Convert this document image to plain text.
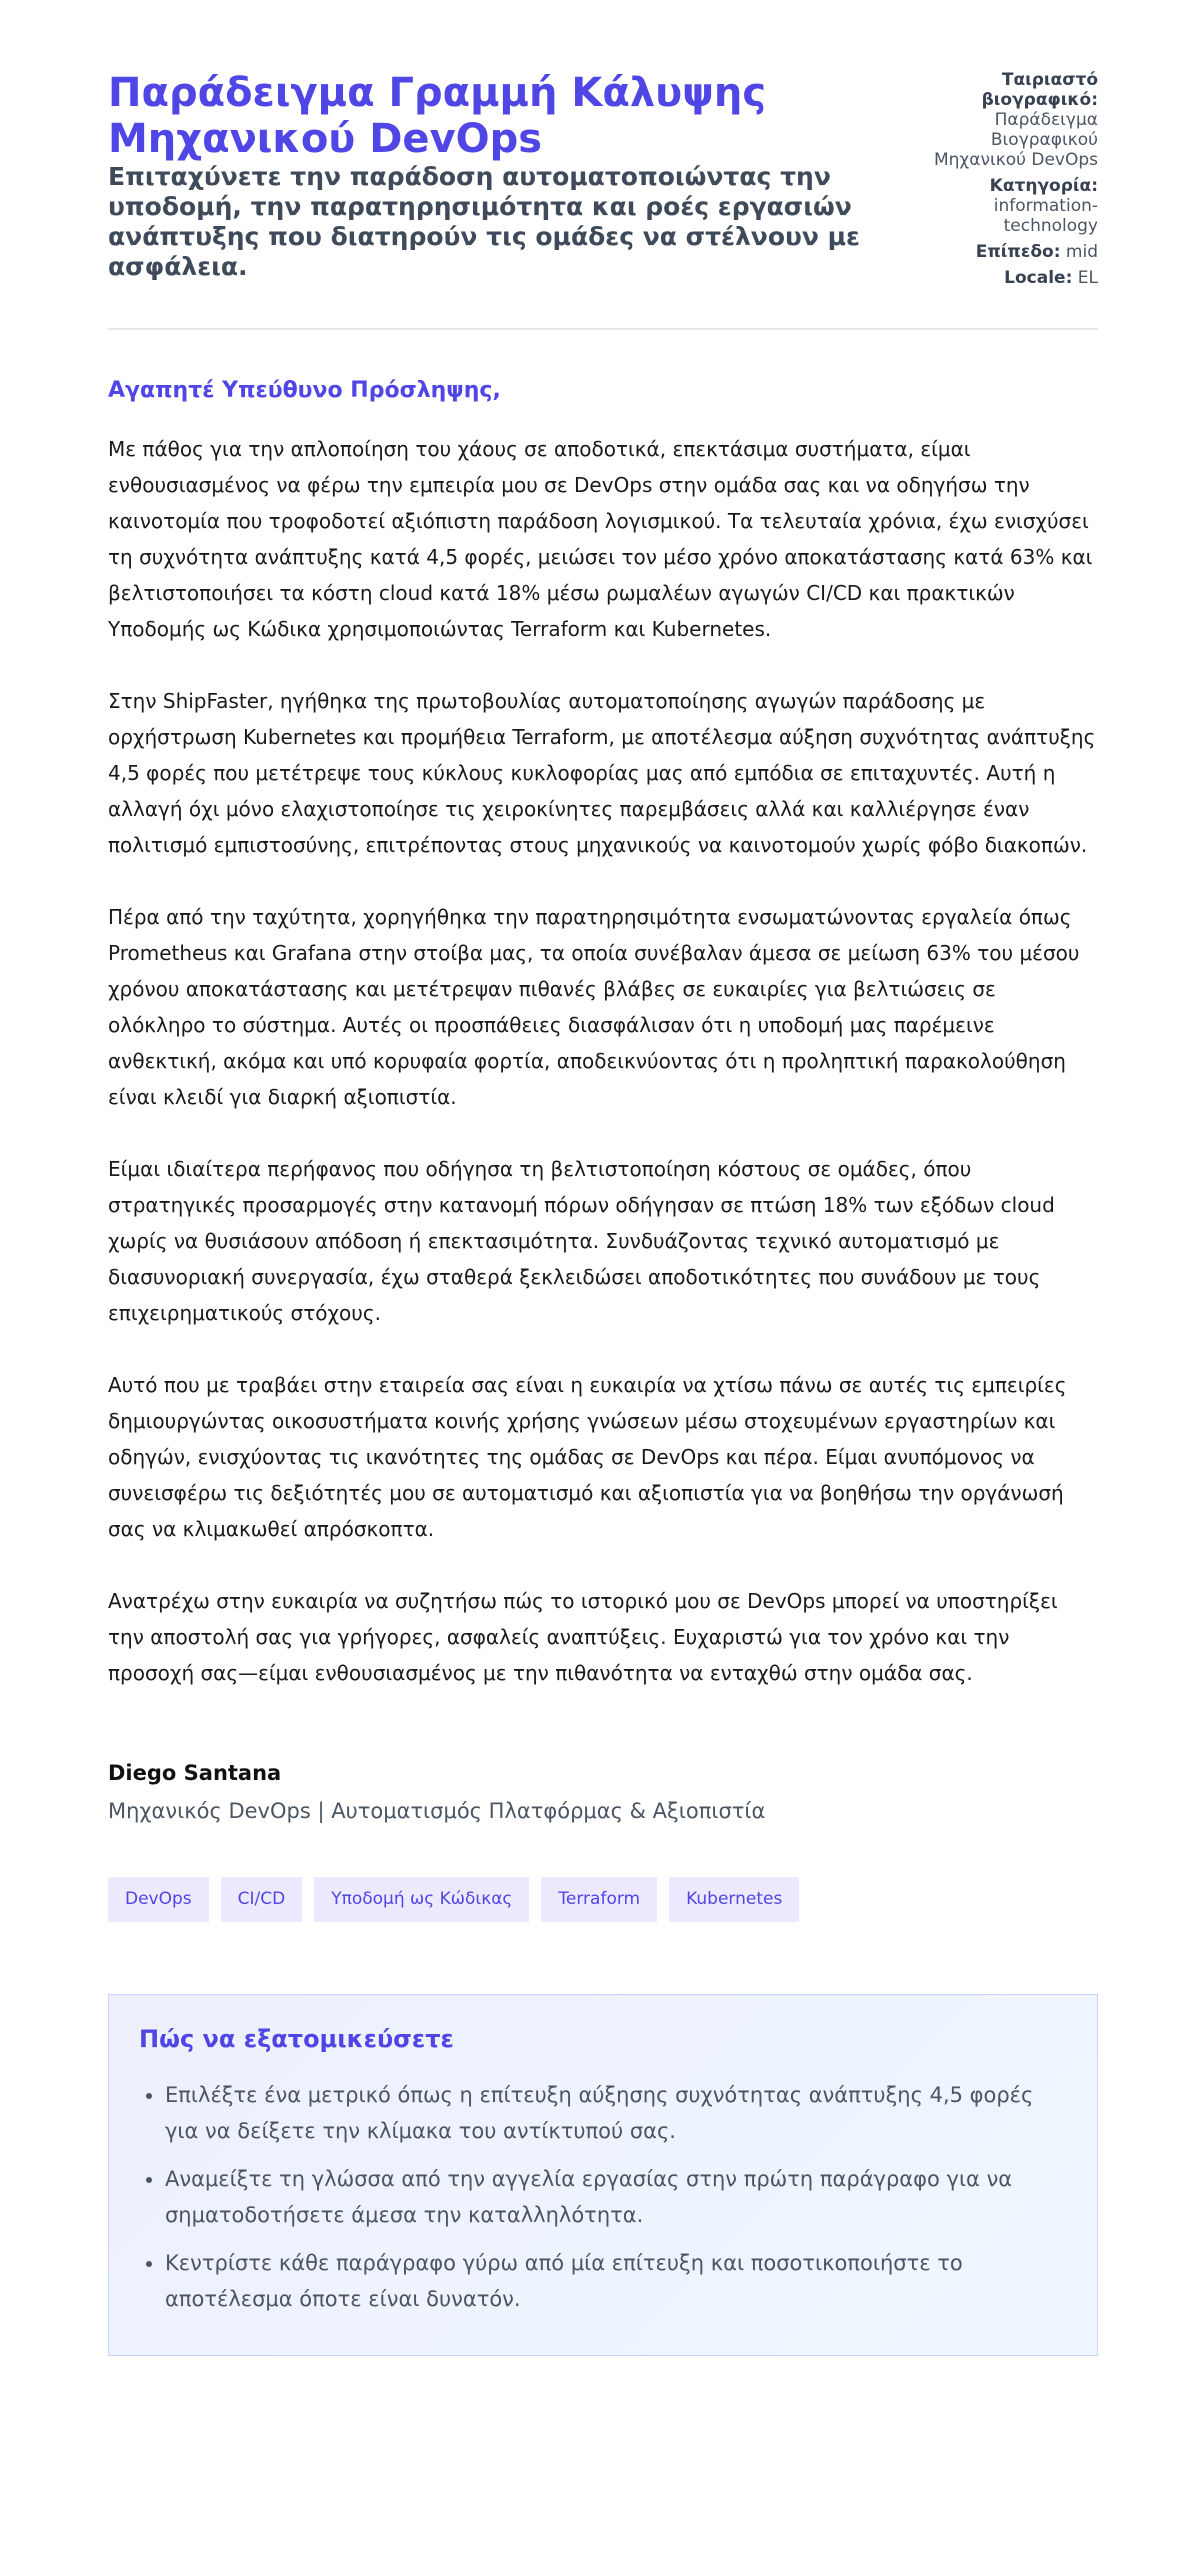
Παράδειγμα Γραμμή Κάλυψης Μηχανικού DevOps

Επιταχύνετε την παράδοση αυτοματοποιώντας την υποδομή, την παρατηρησιμότητα και ροές εργασιών ανάπτυξης που διατηρούν τις ομάδες να στέλνουν με ασφάλεια.

Ταιριαστό βιογραφικό: Παράδειγμα Βιογραφικού Μηχανικού DevOps
Κατηγορία: information-technology
Επίπεδο: mid
Locale: EL
Αγαπητέ Υπεύθυνο Πρόσληψης,

Με πάθος για την απλοποίηση του χάους σε αποδοτικά, επεκτάσιμα συστήματα, είμαι ενθουσιασμένος να φέρω την εμπειρία μου σε DevOps στην ομάδα σας και να οδηγήσω την καινοτομία που τροφοδοτεί αξιόπιστη παράδοση λογισμικού. Τα τελευταία χρόνια, έχω ενισχύσει τη συχνότητα ανάπτυξης κατά 4,5 φορές, μειώσει τον μέσο χρόνο αποκατάστασης κατά 63% και βελτιστοποιήσει τα κόστη cloud κατά 18% μέσω ρωμαλέων αγωγών CI/CD και πρακτικών Υποδομής ως Κώδικα χρησιμοποιώντας Terraform και Kubernetes.

Στην ShipFaster, ηγήθηκα της πρωτοβουλίας αυτοματοποίησης αγωγών παράδοσης με ορχήστρωση Kubernetes και προμήθεια Terraform, με αποτέλεσμα αύξηση συχνότητας ανάπτυξης 4,5 φορές που μετέτρεψε τους κύκλους κυκλοφορίας μας από εμπόδια σε επιταχυντές. Αυτή η αλλαγή όχι μόνο ελαχιστοποίησε τις χειροκίνητες παρεμβάσεις αλλά και καλλιέργησε έναν πολιτισμό εμπιστοσύνης, επιτρέποντας στους μηχανικούς να καινοτομούν χωρίς φόβο διακοπών.

Πέρα από την ταχύτητα, χορηγήθηκα την παρατηρησιμότητα ενσωματώνοντας εργαλεία όπως Prometheus και Grafana στην στοίβα μας, τα οποία συνέβαλαν άμεσα σε μείωση 63% του μέσου χρόνου αποκατάστασης και μετέτρεψαν πιθανές βλάβες σε ευκαιρίες για βελτιώσεις σε ολόκληρο το σύστημα. Αυτές οι προσπάθειες διασφάλισαν ότι η υποδομή μας παρέμεινε ανθεκτική, ακόμα και υπό κορυφαία φορτία, αποδεικνύοντας ότι η προληπτική παρακολούθηση είναι κλειδί για διαρκή αξιοπιστία.

Είμαι ιδιαίτερα περήφανος που οδήγησα τη βελτιστοποίηση κόστους σε ομάδες, όπου στρατηγικές προσαρμογές στην κατανομή πόρων οδήγησαν σε πτώση 18% των εξόδων cloud χωρίς να θυσιάσουν απόδοση ή επεκτασιμότητα. Συνδυάζοντας τεχνικό αυτοματισμό με διασυνοριακή συνεργασία, έχω σταθερά ξεκλειδώσει αποδοτικότητες που συνάδουν με τους επιχειρηματικούς στόχους.

Αυτό που με τραβάει στην εταιρεία σας είναι η ευκαιρία να χτίσω πάνω σε αυτές τις εμπειρίες δημιουργώντας οικοσυστήματα κοινής χρήσης γνώσεων μέσω στοχευμένων εργαστηρίων και οδηγών, ενισχύοντας τις ικανότητες της ομάδας σε DevOps και πέρα. Είμαι ανυπόμονος να συνεισφέρω τις δεξιότητές μου σε αυτοματισμό και αξιοπιστία για να βοηθήσω την οργάνωσή σας να κλιμακωθεί απρόσκοπτα.

Ανατρέχω στην ευκαιρία να συζητήσω πώς το ιστορικό μου σε DevOps μπορεί να υποστηρίξει την αποστολή σας για γρήγορες, ασφαλείς αναπτύξεις. Ευχαριστώ για τον χρόνο και την προσοχή σας—είμαι ενθουσιασμένος με την πιθανότητα να ενταχθώ στην ομάδα σας.

Diego Santana
Μηχανικός DevOps | Αυτοματισμός Πλατφόρμας & Αξιοπιστία
DevOps	CI/CD	Υποδομή ως Κώδικας	Terraform	Kubernetes
Πώς να εξατομικεύσετε
• Επιλέξτε ένα μετρικό όπως η επίτευξη αύξησης συχνότητας ανάπτυξης 4,5 φορές για να δείξετε την κλίμακα του αντίκτυπού σας.
• Αναμείξτε τη γλώσσα από την αγγελία εργασίας στην πρώτη παράγραφο για να σηματοδοτήσετε άμεσα την καταλληλότητα.
• Κεντρίστε κάθε παράγραφο γύρω από μία επίτευξη και ποσοτικοποιήστε το αποτέλεσμα όποτε είναι δυνατόν.
